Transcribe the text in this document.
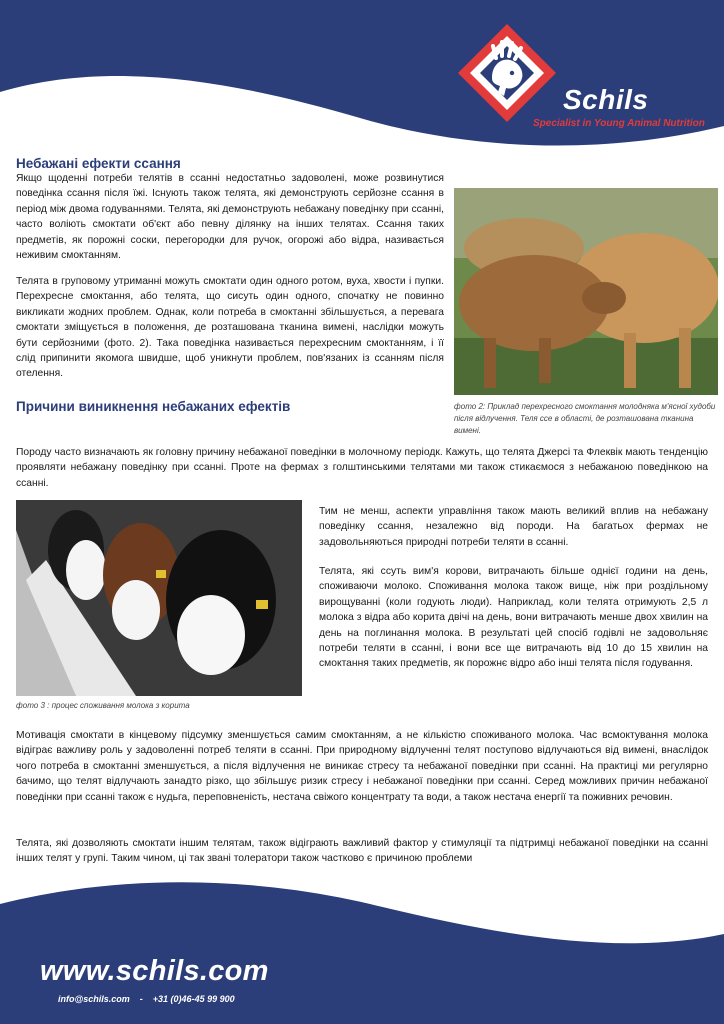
Schils
Specialist in Young Animal Nutrition
Небажані ефекти ссання

Якщо щоденні потреби телятів в ссанні недостатньо задоволені, може розвинутися поведінка ссання після їжі. Існують також телята, які демонструють серйозне ссання в період між двома годуваннями. Телята, які демонструють небажану поведінку при ссанні, часто воліють смоктати об'єкт або певну ділянку на інших телятах. Ссання таких предметів, як порожні соски, перегородки для ручок, огорожі або відра, називається неживим смоктанням.

Телята в груповому утриманні можуть смоктати один одного ротом, вуха, хвости і пупки. Перехресне смоктання, або телята, що сисуть один одного, спочатку не повинно викликати жодних проблем. Однак, коли потреба в смоктанні збільшується, а перевага смоктати зміщується в положення, де розташована тканина вимені, наслідки можуть бути серйозними (фото. 2). Така поведінка називається перехресним смоктанням, і її слід припинити якомога швидше, щоб уникнути проблем, пов'язаних із ссанням після отелення.

фото 2: Приклад перехресного смоктання молодняка м'ясної худоби після відлучення. Теля ссе в області, де розташована тканина вимені.
Причини виникнення небажаних ефектів

Породу часто визначають як головну причину небажаної поведінки в молочному періодк. Кажуть, що телята Джерсі та Флеквік мають тенденцію проявляти небажану поведінку при ссанні. Проте на фермах з голштинськими телятами ми також стикаємося з небажаною поведінкою на ссанні.

фото 3 : процес споживання молока з корита

Тим не менш, аспекти управління також мають великий вплив на небажану поведінку ссання, незалежно від породи. На багатьох фермах не задовольняються природні потреби теляти в ссанні.

Телята, які ссуть вим'я корови, витрачають більше однієї години на день, споживаючи молоко. Споживання молока також вище, ніж при роздільному вирощуванні (коли годують люди). Наприклад, коли телята отримують 2,5 л молока з відра або корита двічі на день, вони витрачають менше двох хвилин на день на поглинання молока. В результаті цей спосіб годівлі не задовольняє потреби теляти в ссанні, і вони все ще витрачають від 10 до 15 хвилин на смоктання таких предметів, як порожнє відро або інші телята після годування.

Мотивація смоктати в кінцевому підсумку зменшується самим смоктанням, а не кількістю споживаного молока. Час всмоктування молока відіграє важливу роль у задоволенні потреб теляти в ссанні. При природному відлученні телят поступово відлучаються від вимені, внаслідок чого потреба в смоктанні зменшується, а після відлучення не виникає стресу та небажаної поведінки при ссанні. На практиці ми регулярно бачимо, що телят відлучають занадто різко, що збільшує ризик стресу і небажаної поведінки при ссанні. Серед можливих причин небажаної поведінки при ссанні також є нудьга, переповненість, нестача свіжого концентрату та води, а також нестача енергії та поживних речовин.

Телята, які дозволяють смоктати іншим телятам, також відіграють важливий фактор у стимуляції та підтримці небажаної поведінки на ссанні інших телят у групі. Таким чином, ці так звані толератори також частково є причиною проблеми

www.schils.com
info@schils.com    -    +31 (0)46-45 99 900
